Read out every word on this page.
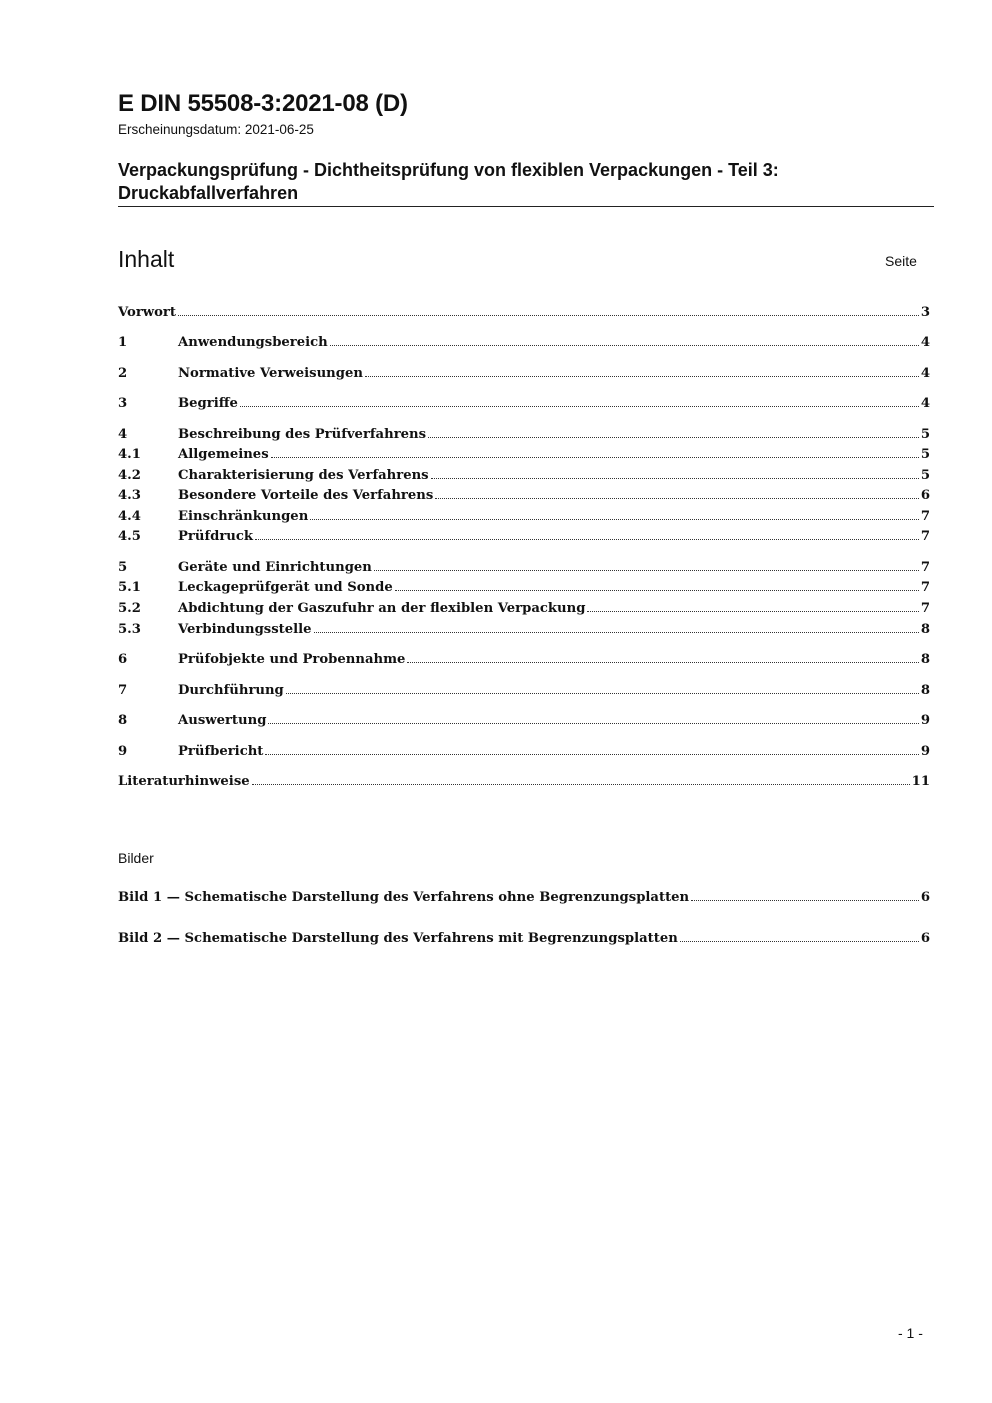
E DIN 55508-3:2021-08 (D)
Erscheinungsdatum: 2021-06-25
Verpackungsprüfung - Dichtheitsprüfung von flexiblen Verpackungen - Teil 3: Druckabfallverfahren
Inhalt	Seite
Vorwort	3
1	Anwendungsbereich	4
2	Normative Verweisungen	4
3	Begriffe	4
4	Beschreibung des Prüfverfahrens	5
4.1	Allgemeines	5
4.2	Charakterisierung des Verfahrens	5
4.3	Besondere Vorteile des Verfahrens	6
4.4	Einschränkungen	7
4.5	Prüfdruck	7
5	Geräte und Einrichtungen	7
5.1	Leckageprüfgerät und Sonde	7
5.2	Abdichtung der Gaszufuhr an der flexiblen Verpackung	7
5.3	Verbindungsstelle	8
6	Prüfobjekte und Probennahme	8
7	Durchführung	8
8	Auswertung	9
9	Prüfbericht	9
Literaturhinweise	11
Bilder
Bild 1 — Schematische Darstellung des Verfahrens ohne Begrenzungsplatten	6
Bild 2 — Schematische Darstellung des Verfahrens mit Begrenzungsplatten	6
- 1 -
